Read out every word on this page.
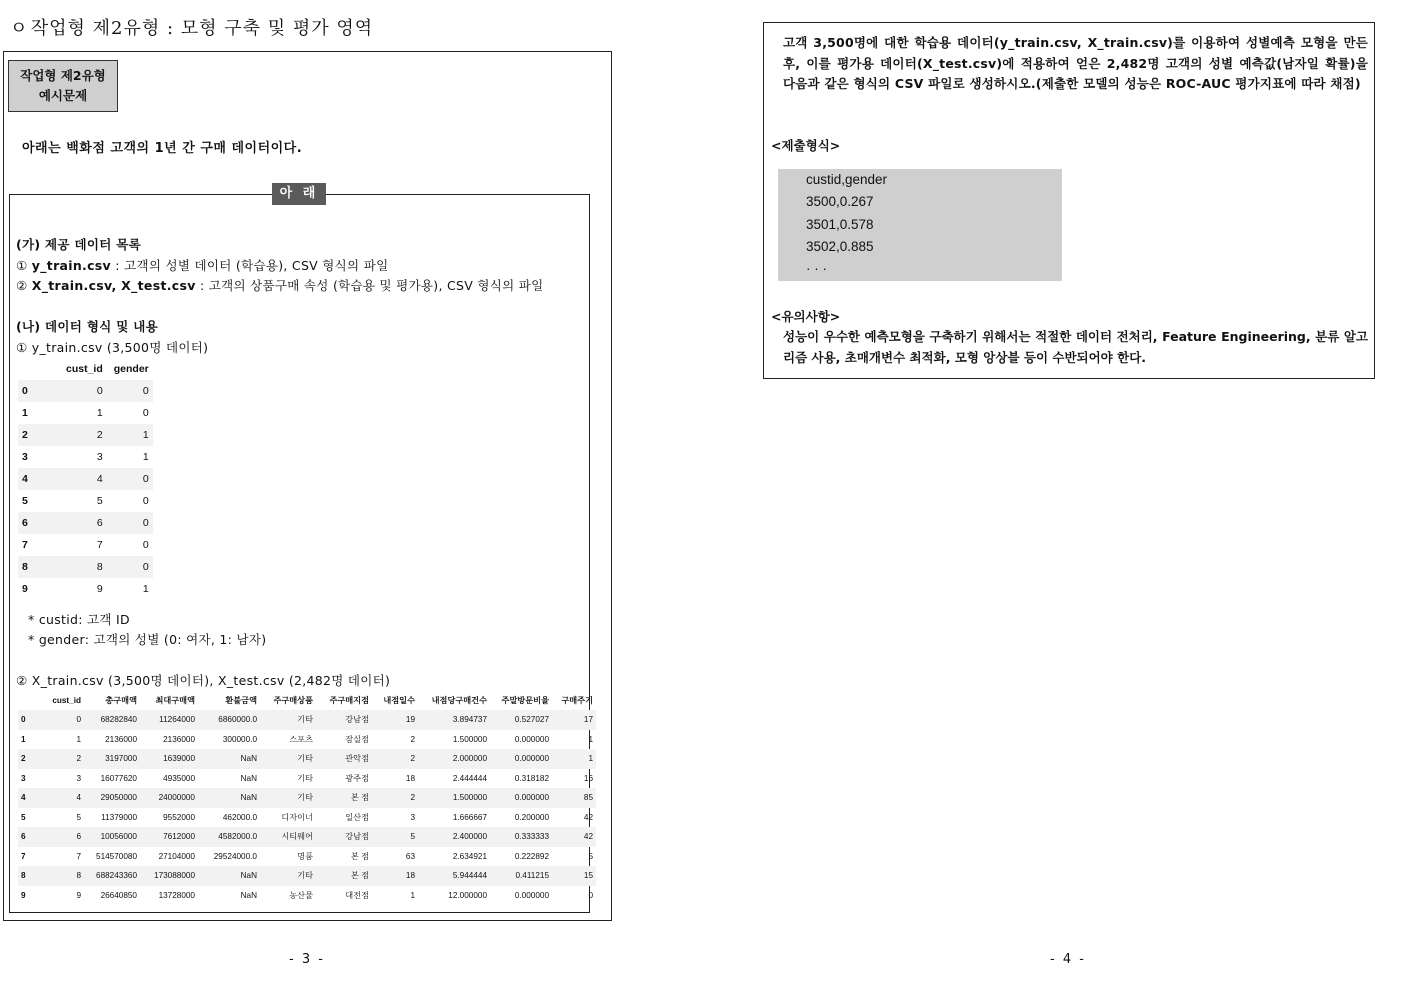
ㅇ 작업형 제2유형 : 모형 구축 및 평가 영역
작업형 제2유형
예시문제
아래는 백화점 고객의 1년 간 구매 데이터이다.
아 래
(가) 제공 데이터 목록
① y_train.csv : 고객의 성별 데이터 (학습용), CSV 형식의 파일
② X_train.csv, X_test.csv : 고객의 상품구매 속성 (학습용 및 평가용), CSV 형식의 파일
(나) 데이터 형식 및 내용
① y_train.csv (3,500명 데이터)
	cust_id	gender
0	0	0
1	1	0
2	2	1
3	3	1
4	4	0
5	5	0
6	6	0
7	7	0
8	8	0
9	9	1
* custid: 고객 ID
* gender: 고객의 성별 (0: 여자, 1: 남자)
② X_train.csv (3,500명 데이터), X_test.csv (2,482명 데이터)
	cust_id	총구매액	최대구매액	환불금액	주구매상품	주구매지점	내점일수	내점당구매건수	주말방문비율	구매주기
0	0	68282840	11264000	6860000.0	기타	강남점	19	3.894737	0.527027	17
1	1	2136000	2136000	300000.0	스포츠	잠실점	2	1.500000	0.000000	1
2	2	3197000	1639000	NaN	기타	관악점	2	2.000000	0.000000	1
3	3	16077620	4935000	NaN	기타	광주점	18	2.444444	0.318182	16
4	4	29050000	24000000	NaN	기타	본 점	2	1.500000	0.000000	85
5	5	11379000	9552000	462000.0	디자이너	일산점	3	1.666667	0.200000	42
6	6	10056000	7612000	4582000.0	시티웨어	강남점	5	2.400000	0.333333	42
7	7	514570080	27104000	29524000.0	명품	본 점	63	2.634921	0.222892	5
8	8	688243360	173088000	NaN	기타	본 점	18	5.944444	0.411215	15
9	9	26640850	13728000	NaN	농산물	대전점	1	12.000000	0.000000	0
- 3 -
고객 3,500명에 대한 학습용 데이터(y_train.csv, X_train.csv)를 이용하여 성별예측 모형을 만든 후, 이를 평가용 데이터(X_test.csv)에 적용하여 얻은 2,482명 고객의 성별 예측값(남자일 확률)을 다음과 같은 형식의 CSV 파일로 생성하시오.(제출한 모델의 성능은 ROC-AUC 평가지표에 따라 채점)
<제출형식>
custid,gender
3500,0.267
3501,0.578
3502,0.885
· · ·
<유의사항>
성능이 우수한 예측모형을 구축하기 위해서는 적절한 데이터 전처리, Feature Engineering, 분류 알고리즘 사용, 초매개변수 최적화, 모형 앙상블 등이 수반되어야 한다.
- 4 -
